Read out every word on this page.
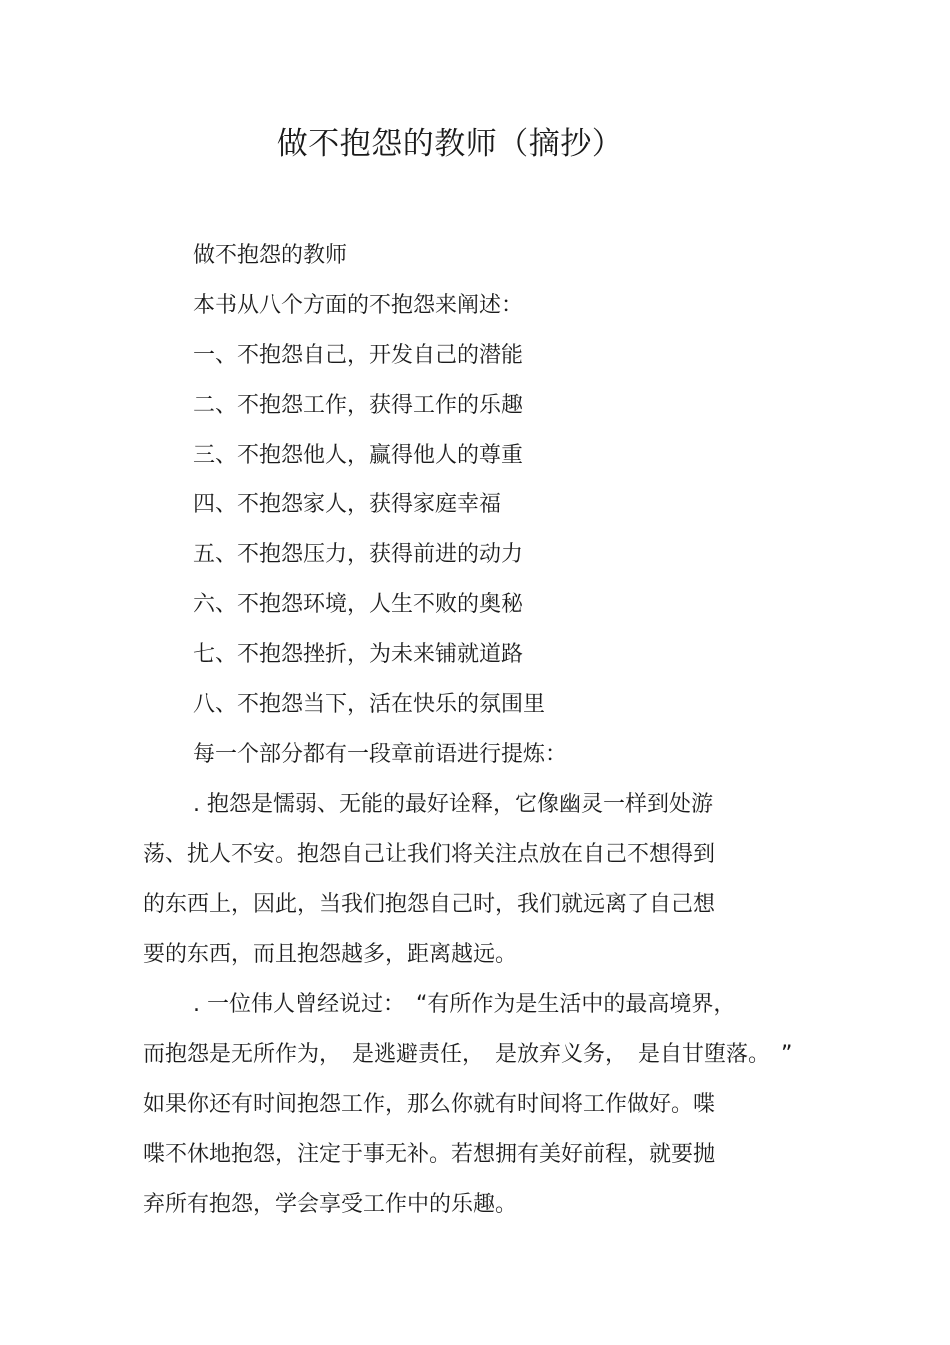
做不抱怨的教师（摘抄）
做不抱怨的教师
本书从八个方面的不抱怨来阐述：
一、不抱怨自己，开发自己的潜能
二、不抱怨工作，获得工作的乐趣
三、不抱怨他人，赢得他人的尊重
四、不抱怨家人，获得家庭幸福
五、不抱怨压力，获得前进的动力
六、不抱怨环境，人生不败的奥秘
七、不抱怨挫折，为未来铺就道路
八、不抱怨当下，活在快乐的氛围里
每一个部分都有一段章前语进行提炼：
. 抱怨是懦弱、无能的最好诠释，它像幽灵一样到处游
荡、扰人不安。抱怨自己让我们将关注点放在自己不想得到
的东西上，因此，当我们抱怨自己时，我们就远离了自己想
要的东西，而且抱怨越多，距离越远。
. 一位伟人曾经说过：　“有所作为是生活中的最高境界，
而抱怨是无所作为，　是逃避责任，　是放弃义务，　是自甘堕落。　”
如果你还有时间抱怨工作，那么你就有时间将工作做好。喋
喋不休地抱怨，注定于事无补。若想拥有美好前程，就要抛
弃所有抱怨，学会享受工作中的乐趣。
